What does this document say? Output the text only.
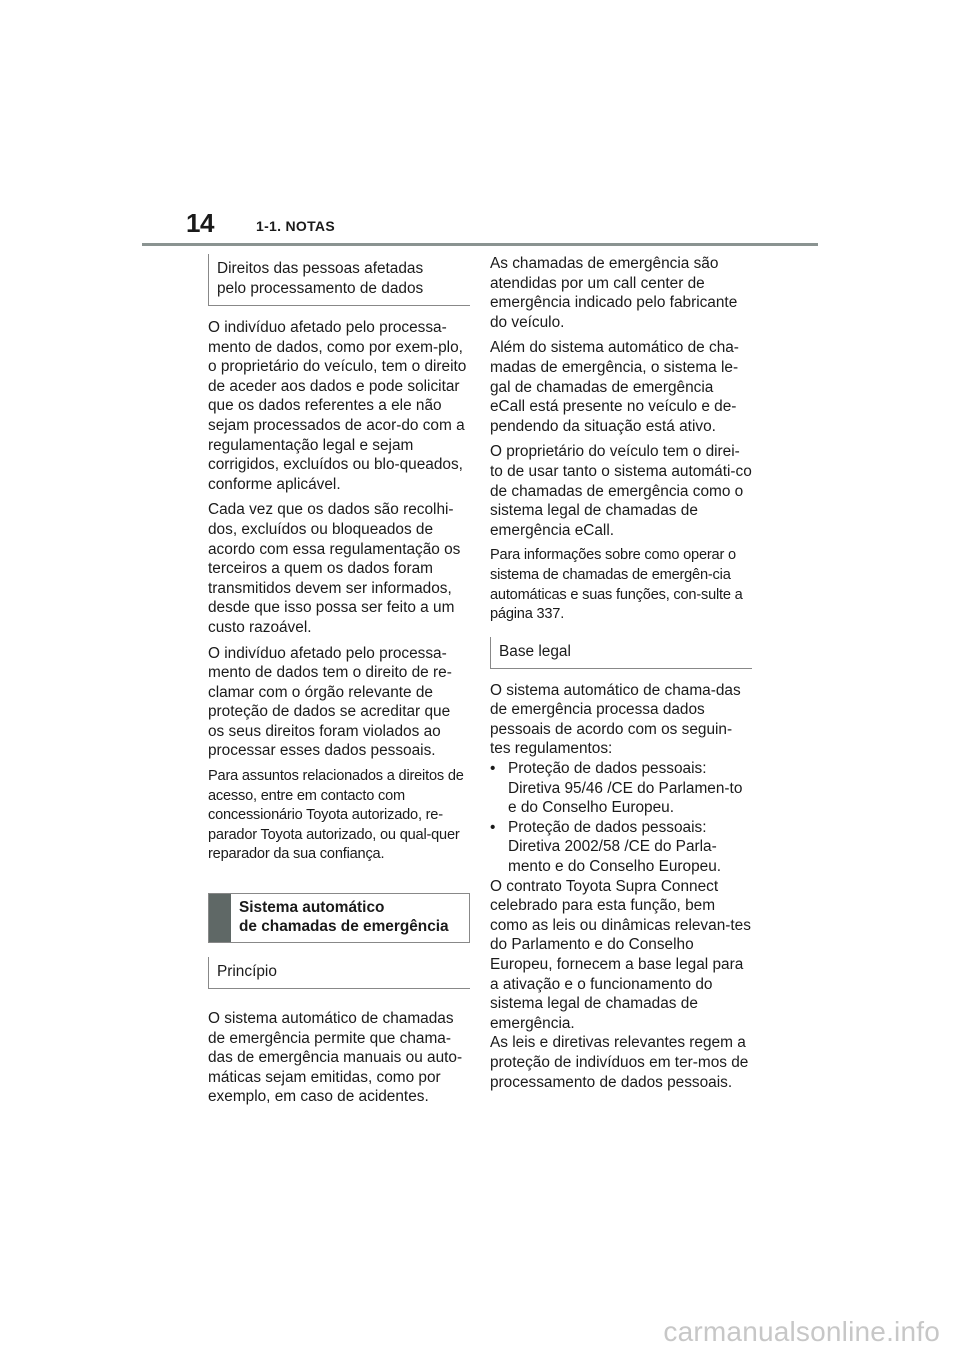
14	1-1. NOTAS
Direitos das pessoas afetadas
pelo processamento de dados

O indivíduo afetado pelo processa-mento de dados, como por exem-plo, o proprietário do veículo, tem o direito de aceder aos dados e pode solicitar que os dados referentes a ele não sejam processados de acor-do com a regulamentação legal e sejam corrigidos, excluídos ou blo-queados, conforme aplicável.

Cada vez que os dados são recolhi-dos, excluídos ou bloqueados de acordo com essa regulamentação os terceiros a quem os dados foram transmitidos devem ser informados, desde que isso possa ser feito a um custo razoável.

O indivíduo afetado pelo processa-mento de dados tem o direito de re-clamar com o órgão relevante de proteção de dados se acreditar que os seus direitos foram violados ao processar esses dados pessoais.

Para assuntos relacionados a direitos de acesso, entre em contacto com concessionário Toyota autorizado, re-parador Toyota autorizado, ou qual-quer reparador da sua confiança.

Sistema automático
de chamadas de emergência
Princípio

O sistema automático de chamadas de emergência permite que chama-das de emergência manuais ou auto-máticas sejam emitidas, como por exemplo, em caso de acidentes.

As chamadas de emergência são atendidas por um call center de emergência indicado pelo fabricante do veículo.

Além do sistema automático de cha-madas de emergência, o sistema le-gal de chamadas de emergência eCall está presente no veículo e de-pendendo da situação está ativo.

O proprietário do veículo tem o direi-to de usar tanto o sistema automáti-co de chamadas de emergência como o sistema legal de chamadas de emergência eCall.

Para informações sobre como operar o sistema de chamadas de emergên-cia automáticas e suas funções, con-sulte a página 337.

Base legal

O sistema automático de chama-das de emergência processa dados pessoais de acordo com os seguin-tes regulamentos:

• Proteção de dados pessoais: Diretiva 95/46 /CE do Parlamen-to e do Conselho Europeu.
• Proteção de dados pessoais: Diretiva 2002/58 /CE do Parla-mento e do Conselho Europeu.

O contrato Toyota Supra Connect celebrado para esta função, bem como as leis ou dinâmicas relevan-tes do Parlamento e do Conselho Europeu, fornecem a base legal para a ativação e o funcionamento do sistema legal de chamadas de emergência.

As leis e diretivas relevantes regem a proteção de indivíduos em ter-mos de processamento de dados pessoais.

carmanualsonline.info
